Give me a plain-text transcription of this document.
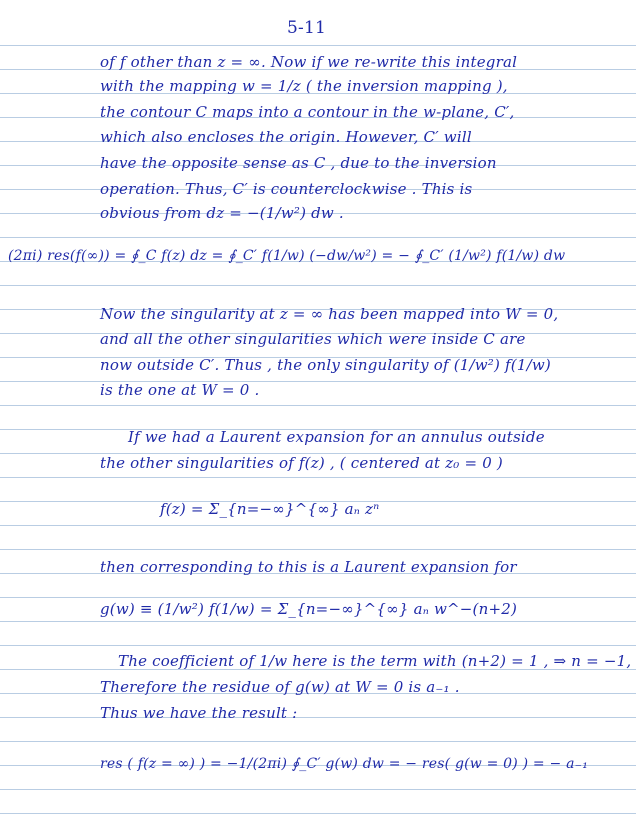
5-11
of f other than z = ∞. Now if we re-write this integral
with the mapping w = 1/z ( the inversion mapping ),
the contour C maps into a contour in the w-plane, C′,
which also encloses the origin. However, C′ will
have the opposite sense as C , due to the inversion
operation. Thus, C′ is counterclockwise . This is
obvious from dz = −(1/w²) dw .
(2πi) res(f(∞)) = ∮_C f(z) dz = ∮_C′ f(1/w) (−dw/w²) = − ∮_C′ (1/w²) f(1/w) dw
Now the singularity at z = ∞ has been mapped into W = 0,
and all the other singularities which were inside C are
now outside C′. Thus , the only singularity of (1/w²) f(1/w)
is the one at W = 0 .
If we had a Laurent expansion for an annulus outside
the other singularities of f(z) , ( centered at z₀ = 0 )
f(z) = Σ_{n=−∞}^{∞} aₙ zⁿ
then corresponding to this is a Laurent expansion for
g(w) ≡ (1/w²) f(1/w) = Σ_{n=−∞}^{∞} aₙ w^−(n+2)
The coefficient of 1/w here is the term with (n+2) = 1 , ⇒ n = −1,
Therefore the residue of g(w) at W = 0 is a₋₁ .
Thus we have the result :
res ( f(z = ∞) ) = −1/(2πi) ∮_C′ g(w) dw = − res( g(w = 0) ) = − a₋₁
